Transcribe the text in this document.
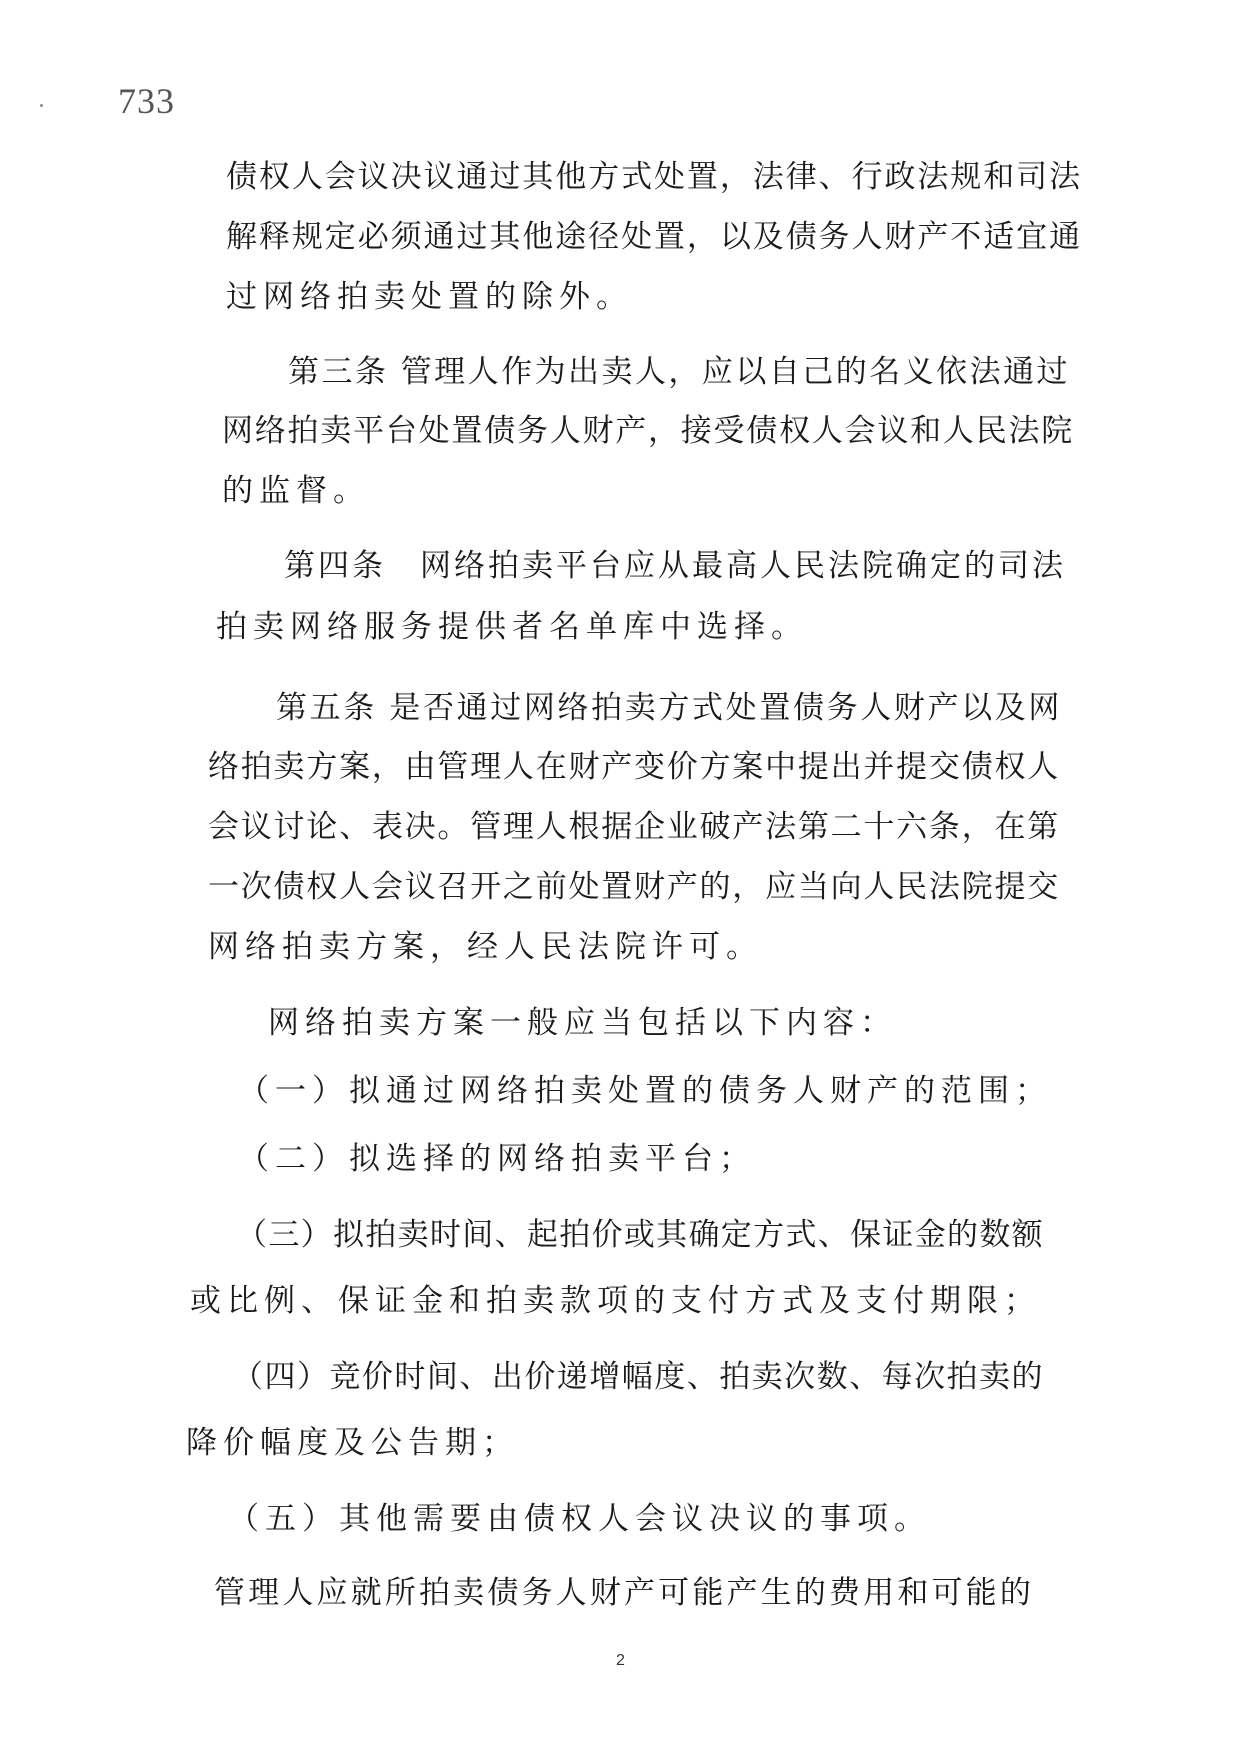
733
债权人会议决议通过其他方式处置，法律、行政法规和司法
解释规定必须通过其他途径处置，以及债务人财产不适宜通
过网络拍卖处置的除外。
第三条 管理人作为出卖人，应以自己的名义依法通过
网络拍卖平台处置债务人财产，接受债权人会议和人民法院
的监督。
第四条　网络拍卖平台应从最高人民法院确定的司法
拍卖网络服务提供者名单库中选择。
第五条 是否通过网络拍卖方式处置债务人财产以及网
络拍卖方案，由管理人在财产变价方案中提出并提交债权人
会议讨论、表决。管理人根据企业破产法第二十六条，在第
一次债权人会议召开之前处置财产的，应当向人民法院提交
网络拍卖方案，经人民法院许可。
网络拍卖方案一般应当包括以下内容：
（一）拟通过网络拍卖处置的债务人财产的范围；
（二）拟选择的网络拍卖平台；
（三）拟拍卖时间、起拍价或其确定方式、保证金的数额
或比例、保证金和拍卖款项的支付方式及支付期限；
（四）竞价时间、出价递增幅度、拍卖次数、每次拍卖的
降价幅度及公告期；
（五）其他需要由债权人会议决议的事项。
管理人应就所拍卖债务人财产可能产生的费用和可能的
2
